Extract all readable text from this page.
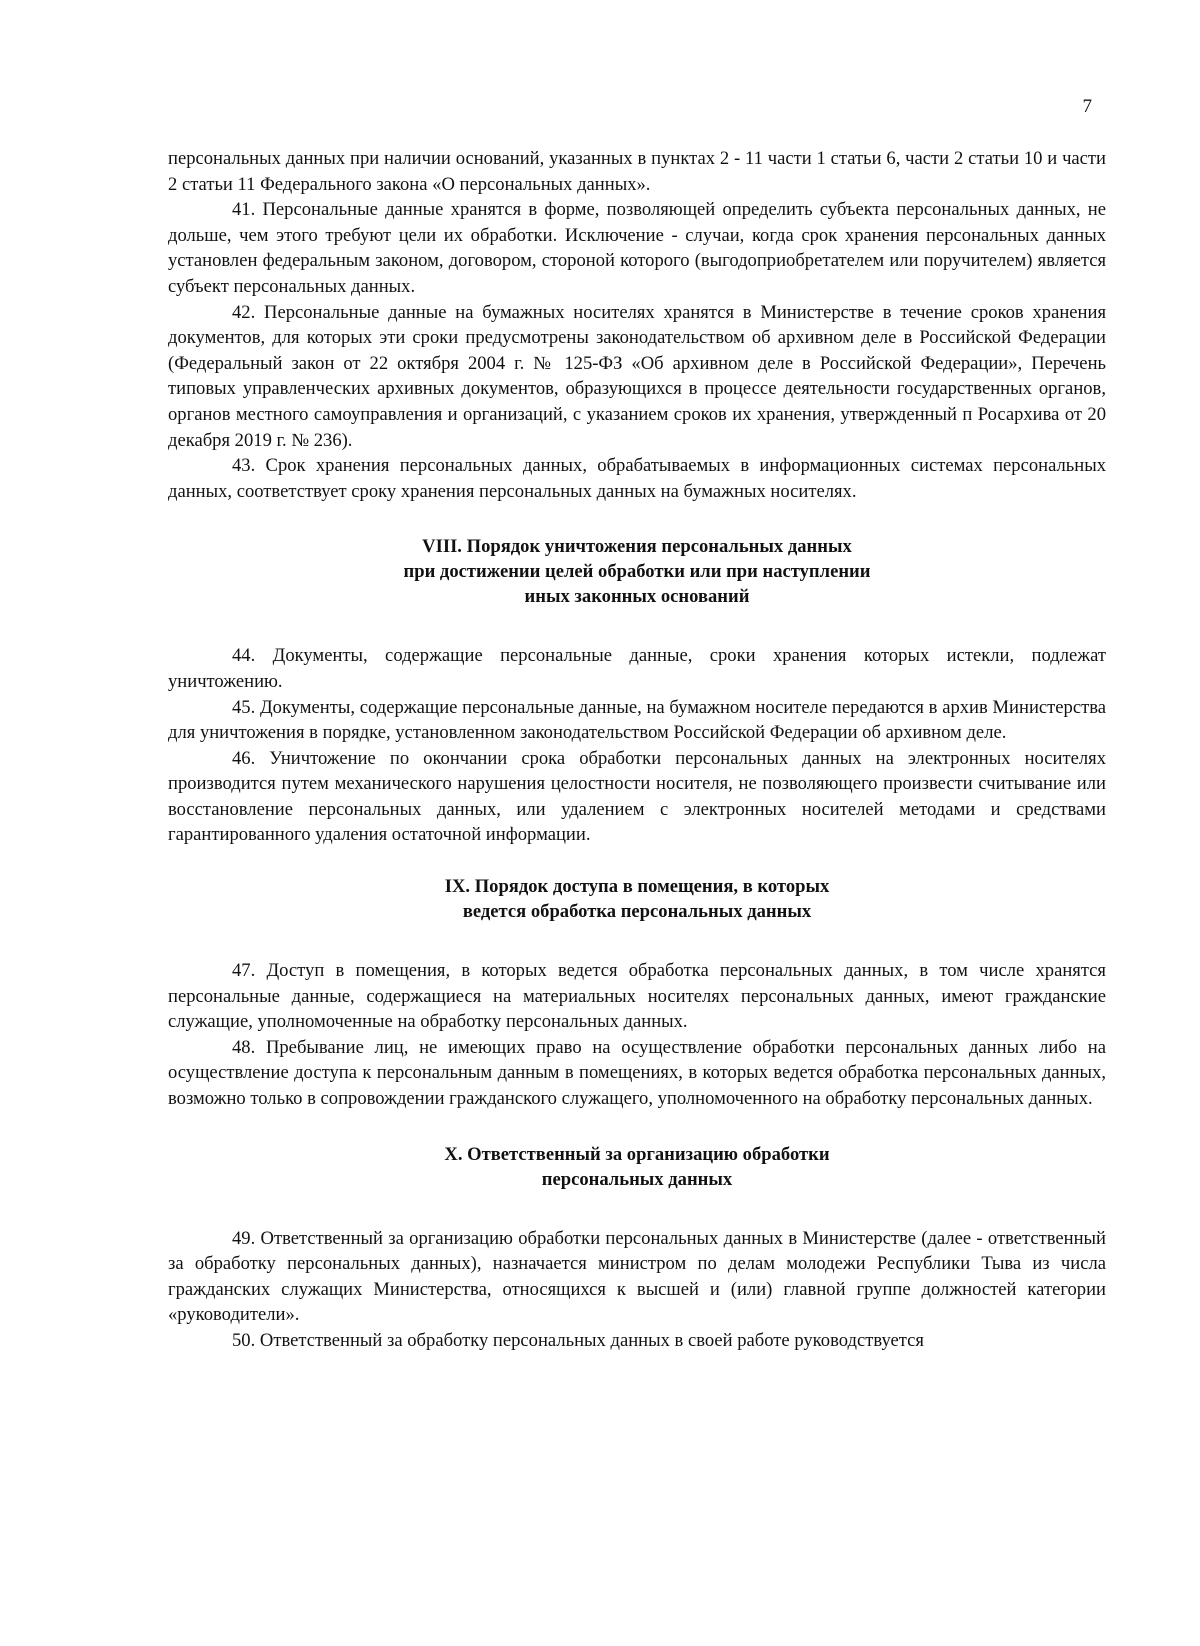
7

персональных данных при наличии оснований, указанных в пунктах 2 - 11 части 1 статьи 6, части 2 статьи 10 и части 2 статьи 11 Федерального закона «О персональных данных».

41. Персональные данные хранятся в форме, позволяющей определить субъекта персональных данных, не дольше, чем этого требуют цели их обработки. Исключение - случаи, когда срок хранения персональных данных установлен федеральным законом, договором, стороной которого (выгодоприобретателем или поручителем) является субъект персональных данных.

42. Персональные данные на бумажных носителях хранятся в Министерстве в течение сроков хранения документов, для которых эти сроки предусмотрены законодательством об архивном деле в Российской Федерации (Федеральный закон от 22 октября 2004 г. № 125-ФЗ «Об архивном деле в Российской Федерации», Перечень типовых управленческих архивных документов, образующихся в процессе деятельности государственных органов, органов местного самоуправления и организаций, с указанием сроков их хранения, утвержденный п Росархива от 20 декабря 2019 г. № 236).

43. Срок хранения персональных данных, обрабатываемых в информационных системах персональных данных, соответствует сроку хранения персональных данных на бумажных носителях.

VIII. Порядок уничтожения персональных данных
при достижении целей обработки или при наступлении
иных законных оснований

44. Документы, содержащие персональные данные, сроки хранения которых истекли, подлежат уничтожению.

45. Документы, содержащие персональные данные, на бумажном носителе передаются в архив Министерства для уничтожения в порядке, установленном законодательством Российской Федерации об архивном деле.

46. Уничтожение по окончании срока обработки персональных данных на электронных носителях производится путем механического нарушения целостности носителя, не позволяющего произвести считывание или восстановление персональных данных, или удалением с электронных носителей методами и средствами гарантированного удаления остаточной информации.

IX. Порядок доступа в помещения, в которых
ведется обработка персональных данных

47. Доступ в помещения, в которых ведется обработка персональных данных, в том числе хранятся персональные данные, содержащиеся на материальных носителях персональных данных, имеют гражданские служащие, уполномоченные на обработку персональных данных.

48. Пребывание лиц, не имеющих право на осуществление обработки персональных данных либо на осуществление доступа к персональным данным в помещениях, в которых ведется обработка персональных данных, возможно только в сопровождении гражданского служащего, уполномоченного на обработку персональных данных.

X. Ответственный за организацию обработки
персональных данных

49. Ответственный за организацию обработки персональных данных в Министерстве (далее - ответственный за обработку персональных данных), назначается министром по делам молодежи Республики Тыва из числа гражданских служащих Министерства, относящихся к высшей и (или) главной группе должностей категории «руководители».

50. Ответственный за обработку персональных данных в своей работе руководствуется
